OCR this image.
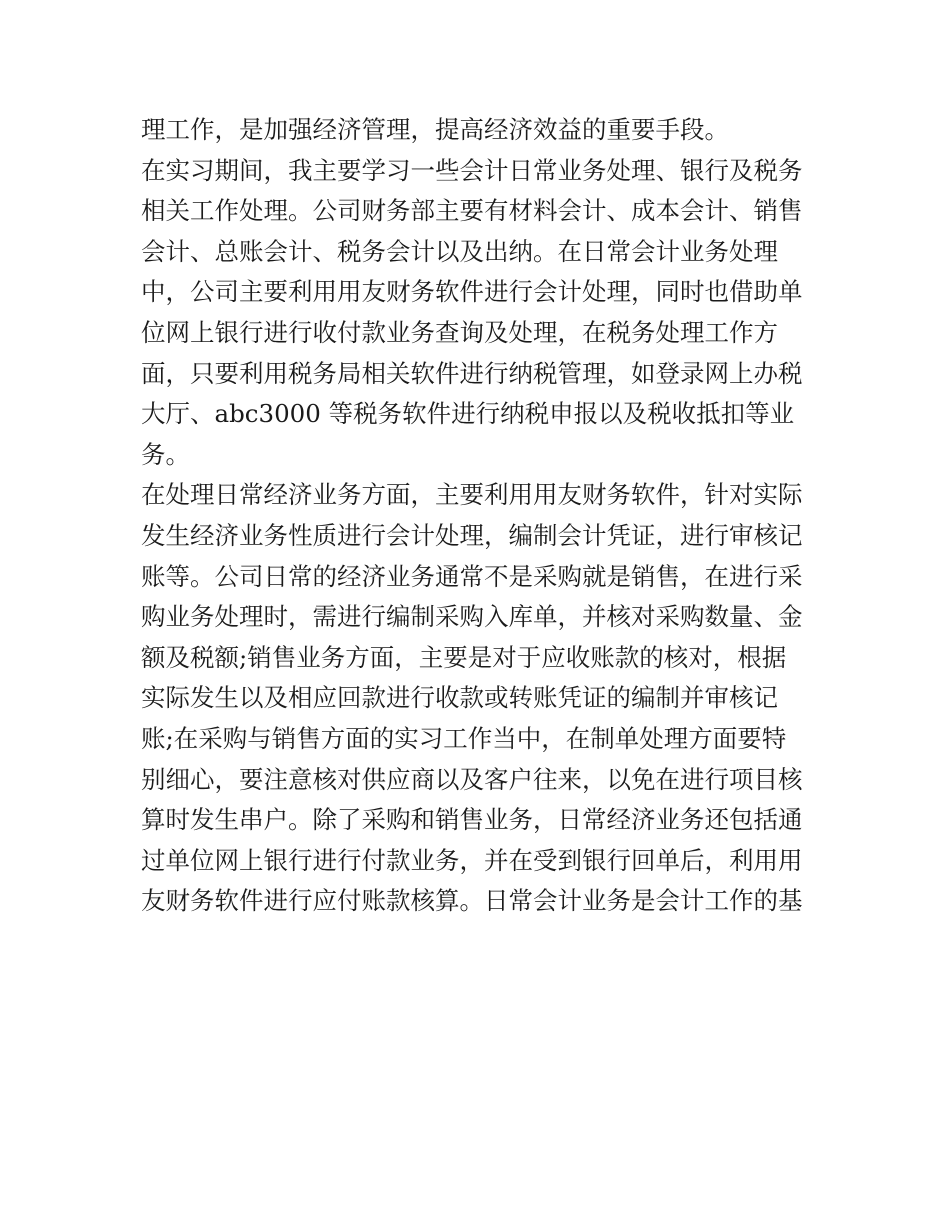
理工作，是加强经济管理，提高经济效益的重要手段。
在实习期间，我主要学习一些会计日常业务处理、银行及税务
相关工作处理。公司财务部主要有材料会计、成本会计、销售
会计、总账会计、税务会计以及出纳。在日常会计业务处理
中，公司主要利用用友财务软件进行会计处理，同时也借助单
位网上银行进行收付款业务查询及处理，在税务处理工作方
面，只要利用税务局相关软件进行纳税管理，如登录网上办税
大厅、abc3000 等税务软件进行纳税申报以及税收抵扣等业
务。
在处理日常经济业务方面，主要利用用友财务软件，针对实际
发生经济业务性质进行会计处理，编制会计凭证，进行审核记
账等。公司日常的经济业务通常不是采购就是销售，在进行采
购业务处理时，需进行编制采购入库单，并核对采购数量、金
额及税额;销售业务方面，主要是对于应收账款的核对，根据
实际发生以及相应回款进行收款或转账凭证的编制并审核记
账;在采购与销售方面的实习工作当中，在制单处理方面要特
别细心，要注意核对供应商以及客户往来，以免在进行项目核
算时发生串户。除了采购和销售业务，日常经济业务还包括通
过单位网上银行进行付款业务，并在受到银行回单后，利用用
友财务软件进行应付账款核算。日常会计业务是会计工作的基
